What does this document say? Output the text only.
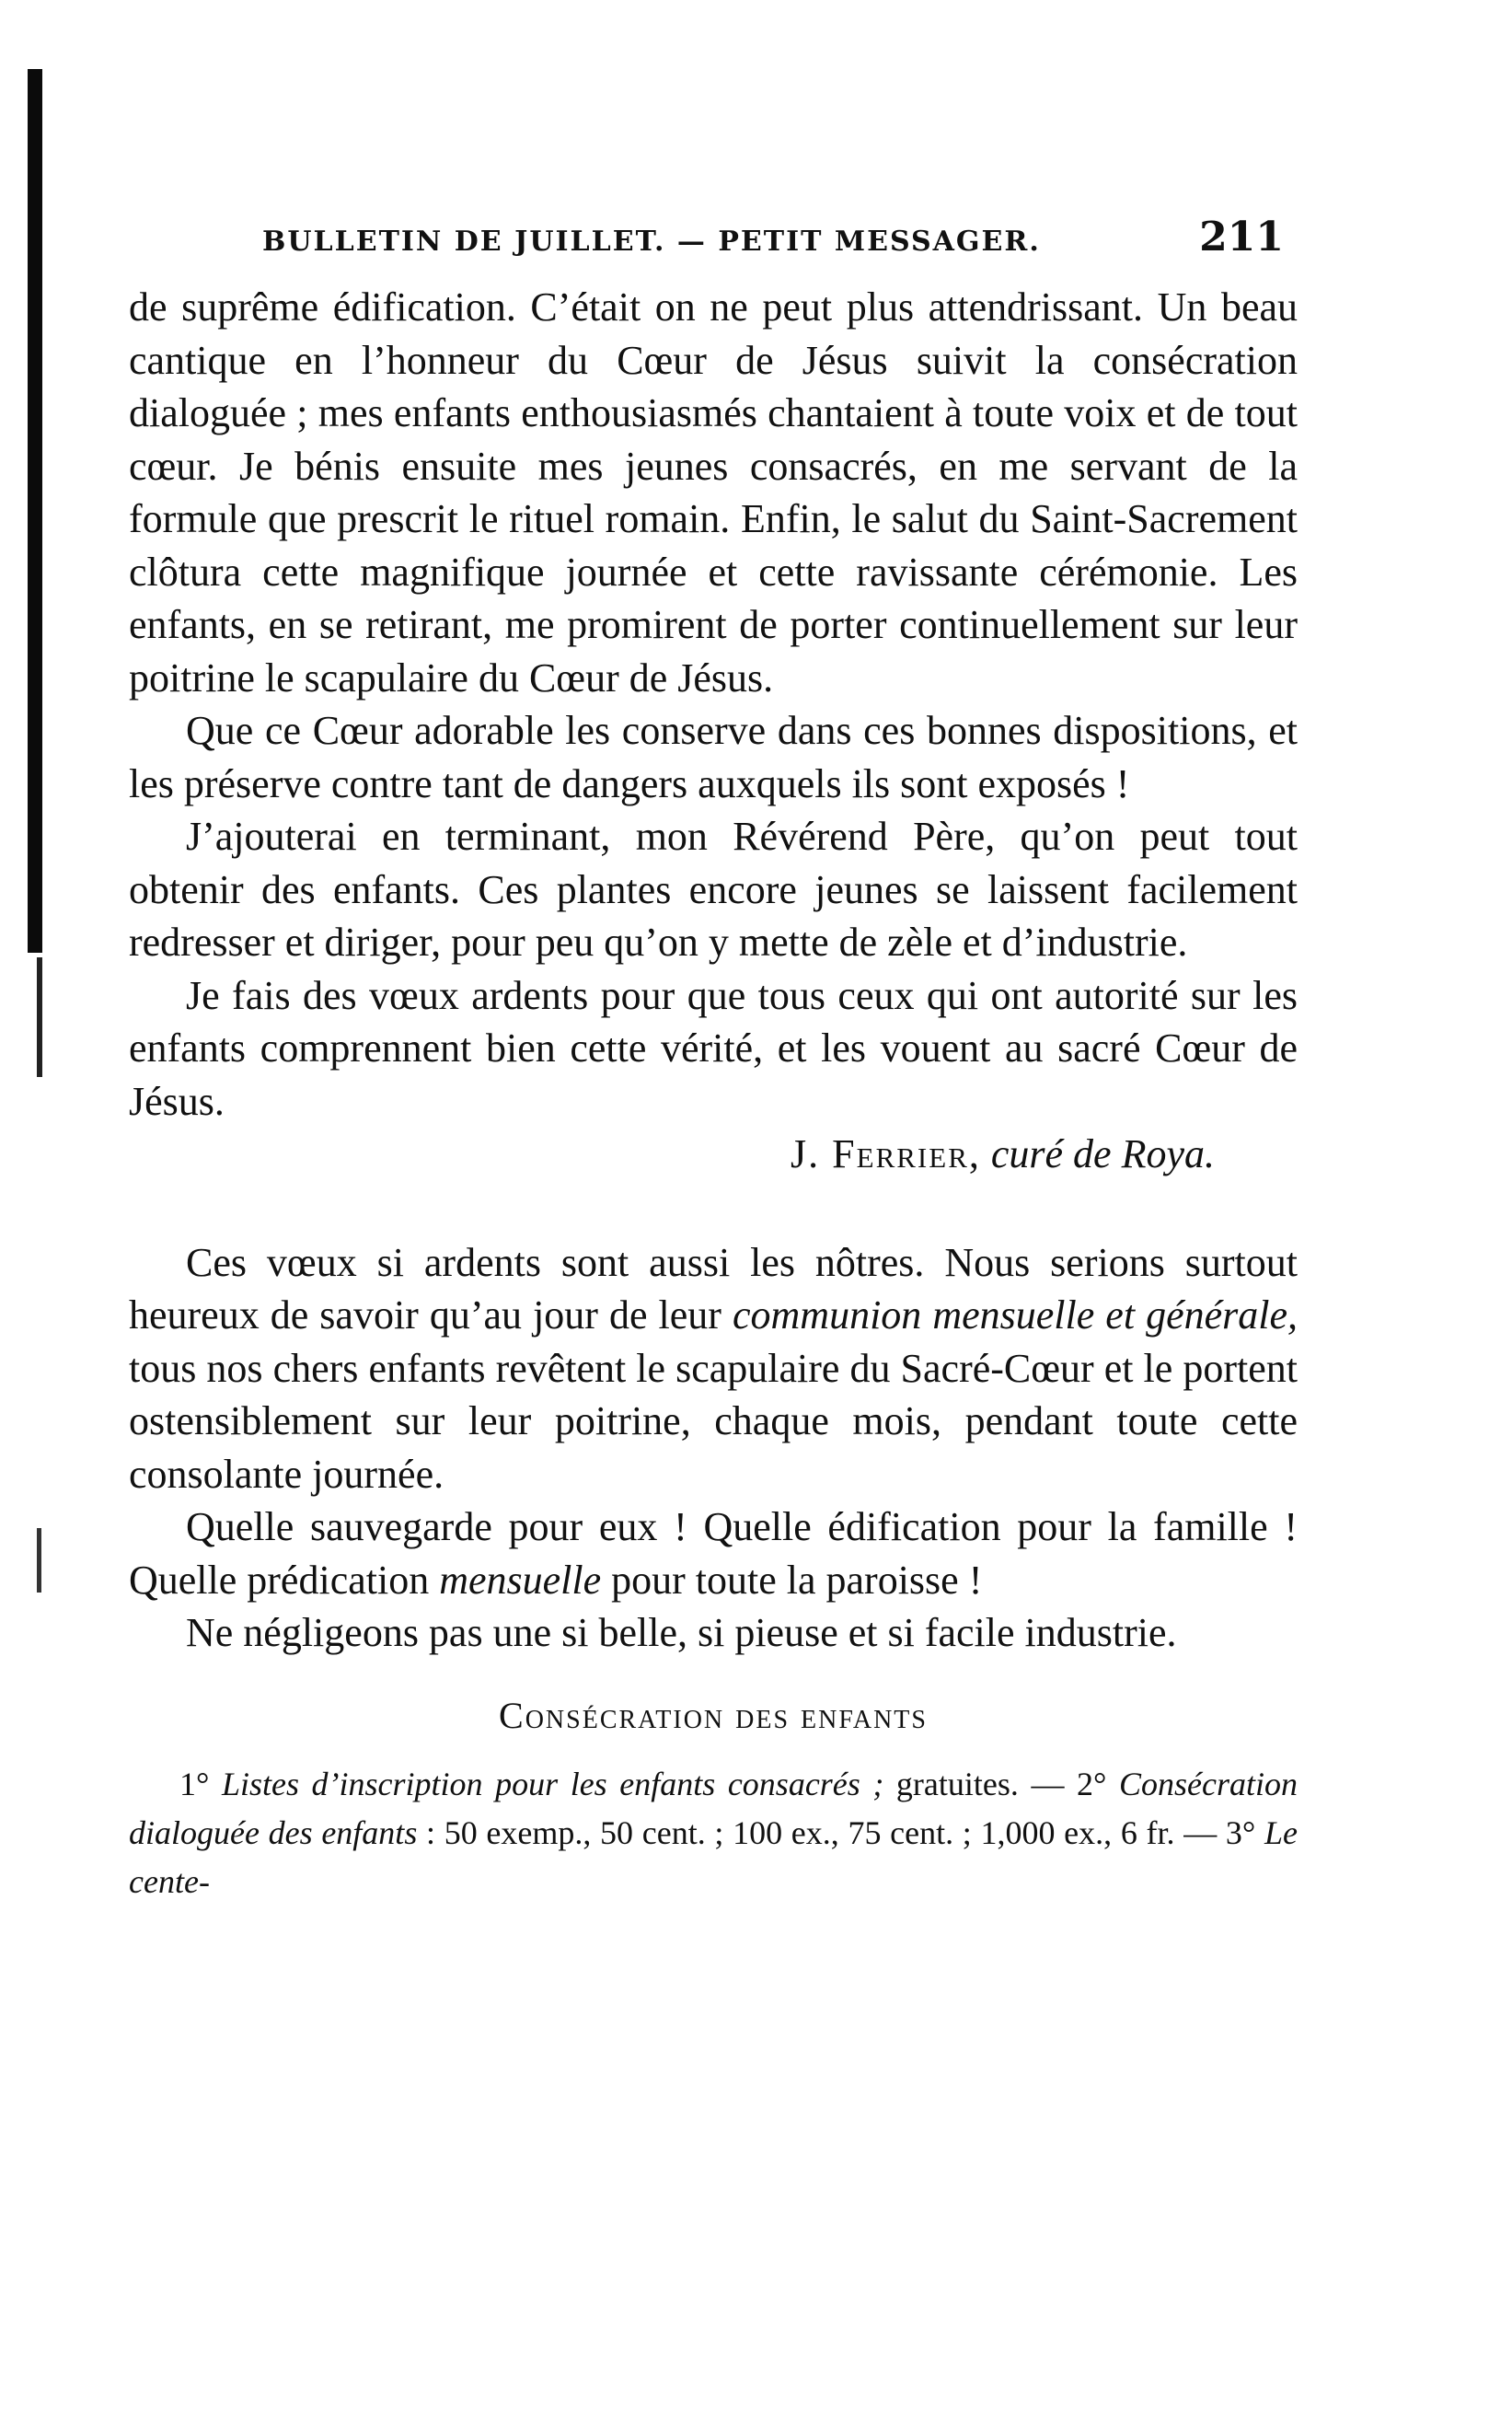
BULLETIN DE JUILLET. — PETIT MESSAGER.	211

de suprême édification. C’était on ne peut plus attendrissant. Un beau cantique en l’honneur du Cœur de Jésus suivit la consécration dialoguée ; mes enfants enthousiasmés chantaient à toute voix et de tout cœur. Je bénis ensuite mes jeunes consacrés, en me servant de la formule que prescrit le rituel romain. Enfin, le salut du Saint-Sacrement clôtura cette magnifique journée et cette ravissante cérémonie. Les enfants, en se retirant, me promirent de porter continuellement sur leur poitrine le scapulaire du Cœur de Jésus.

Que ce Cœur adorable les conserve dans ces bonnes dispositions, et les préserve contre tant de dangers auxquels ils sont exposés !

J’ajouterai en terminant, mon Révérend Père, qu’on peut tout obtenir des enfants. Ces plantes encore jeunes se laissent facilement redresser et diriger, pour peu qu’on y mette de zèle et d’industrie.

Je fais des vœux ardents pour que tous ceux qui ont autorité sur les enfants comprennent bien cette vérité, et les vouent au sacré Cœur de Jésus.

J. Ferrier, curé de Roya.

Ces vœux si ardents sont aussi les nôtres. Nous serions surtout heureux de savoir qu’au jour de leur communion mensuelle et générale, tous nos chers enfants revêtent le scapulaire du Sacré-Cœur et le portent ostensiblement sur leur poitrine, chaque mois, pendant toute cette consolante journée.

Quelle sauvegarde pour eux ! Quelle édification pour la famille ! Quelle prédication mensuelle pour toute la paroisse !

Ne négligeons pas une si belle, si pieuse et si facile industrie.

Consécration des enfants

1° Listes d’inscription pour les enfants consacrés ; gratuites. — 2° Consécration dialoguée des enfants : 50 exemp., 50 cent. ; 100 ex., 75 cent. ; 1,000 ex., 6 fr. — 3° Le cente-
